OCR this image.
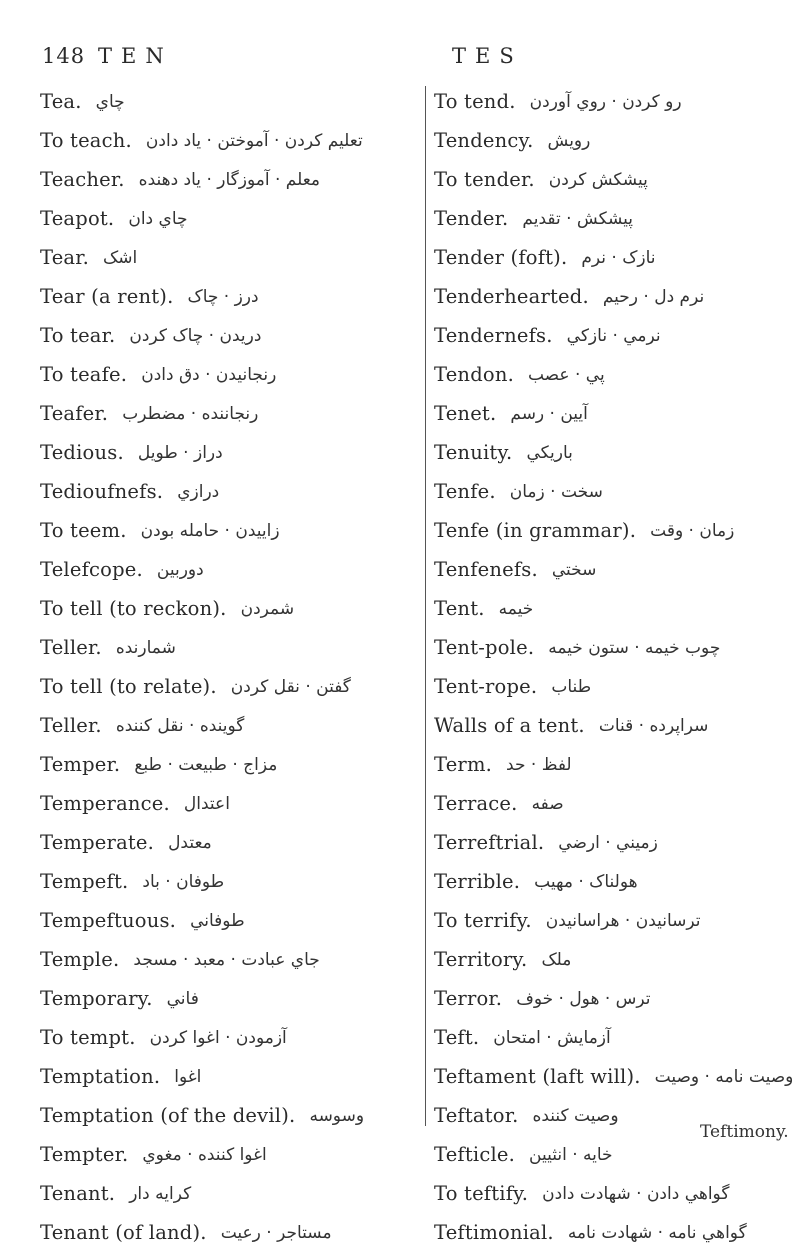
148 TEN	TES
Tea. چاي
To teach. تعليم کردن · آموختن · ياد دادن
Teacher. معلم · آموزگار · ياد دهنده
Teapot. چاي دان
Tear. اشک
Tear (a rent). درز · چاک
To tear. دريدن · چاک کردن
To teafe. رنجانيدن · دق دادن
Teafer. رنجاننده · مضطرب
Tedious. دراز · طويل
Tedioufnefs. درازي
To teem. زاييدن · حامله بودن
Telefcope. دوربين
To tell (to reckon). شمردن
Teller. شمارنده
To tell (to relate). گفتن · نقل کردن
Teller. گوينده · نقل کننده
Temper. مزاج · طبيعت · طبع
Temperance. اعتدال
Temperate. معتدل
Tempeft. طوفان · باد
Tempeftuous. طوفاني
Temple. جاي عبادت · معبد · مسجد
Temporary. فاني
To tempt. آزمودن · اغوا کردن
Temptation. اغوا
Temptation (of the devil). وسوسه
Tempter. اغوا کننده · مغوي
Tenant. کرايه دار
Tenant (of land). مستاجر · رعيت
To tend. رو کردن · روي آوردن
Tendency. رويش
To tender. پيشکش کردن
Tender. پيشکش · تقديم
Tender (foft). نازک · نرم
Tenderhearted. نرم دل · رحيم
Tendernefs. نرمي · نازکي
Tendon. پي · عصب
Tenet. آيين · رسم
Tenuity. باريکي
Tenfe. سخت · زمان
Tenfe (in grammar). زمان · وقت
Tenfenefs. سختي
Tent. خيمه
Tent-pole. چوب خيمه · ستون خيمه
Tent-rope. طناب
Walls of a tent. سراپرده · قنات
Term. لفظ · حد
Terrace. صفه
Terreftrial. زميني · ارضي
Terrible. هولناک · مهيب
To terrify. ترسانيدن · هراسانيدن
Territory. ملک
Terror. ترس · هول · خوف
Teft. آزمايش · امتحان
Teftament (laft will). وصيت نامه · وصيت
Teftator. وصيت کننده
Tefticle. خايه · انثيين
To teftify. گواهي دادن · شهادت دادن
Teftimonial. گواهي نامه · شهادت نامه
Teftimony.
